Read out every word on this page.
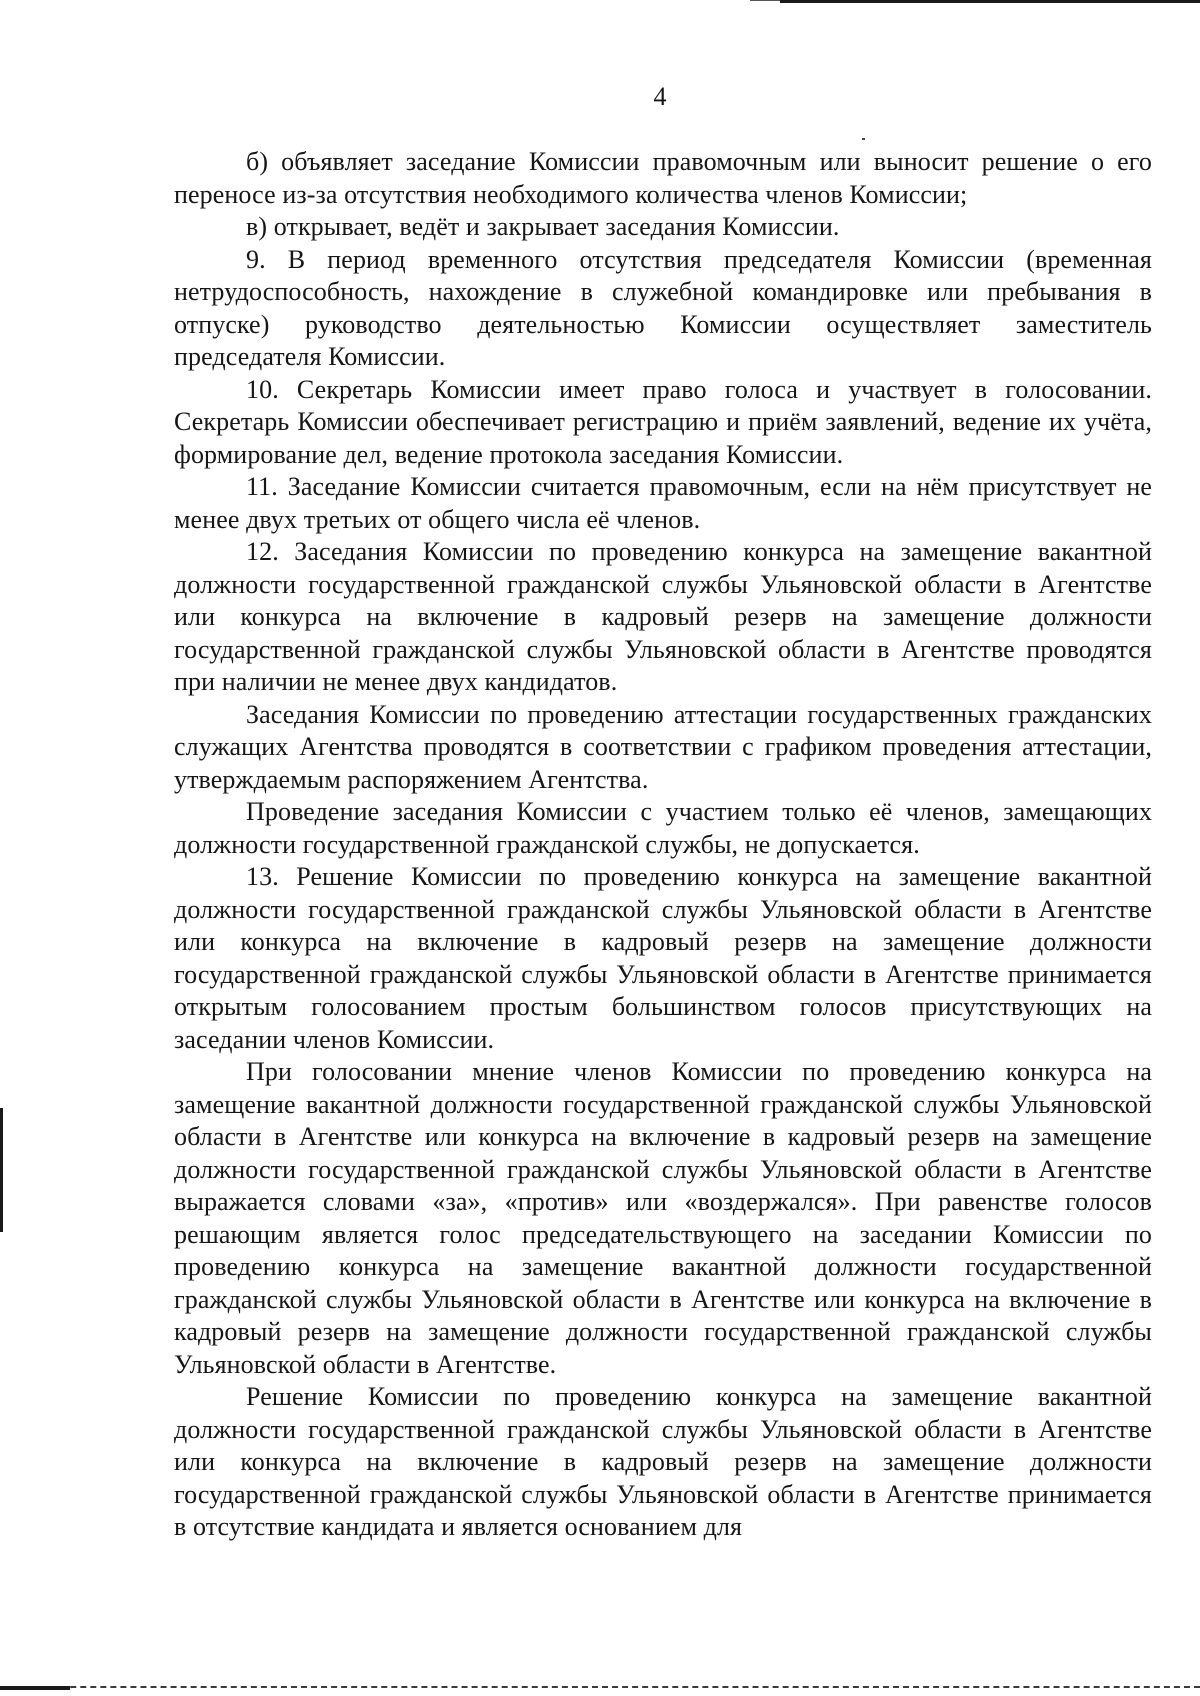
4

б) объявляет заседание Комиссии правомочным или выносит решение о его переносе из-за отсутствия необходимого количества членов Комиссии;

в) открывает, ведёт и закрывает заседания Комиссии.

9. В период временного отсутствия председателя Комиссии (временная нетрудоспособность, нахождение в служебной командировке или пребывания в отпуске) руководство деятельностью Комиссии осуществляет заместитель председателя Комиссии.

10. Секретарь Комиссии имеет право голоса и участвует в голосовании. Секретарь Комиссии обеспечивает регистрацию и приём заявлений, ведение их учёта, формирование дел, ведение протокола заседания Комиссии.

11. Заседание Комиссии считается правомочным, если на нём присутствует не менее двух третьих от общего числа её членов.

12. Заседания Комиссии по проведению конкурса на замещение вакантной должности государственной гражданской службы Ульяновской области в Агентстве или конкурса на включение в кадровый резерв на замещение должности государственной гражданской службы Ульяновской области в Агентстве проводятся при наличии не менее двух кандидатов.

Заседания Комиссии по проведению аттестации государственных гражданских служащих Агентства проводятся в соответствии с графиком проведения аттестации, утверждаемым распоряжением Агентства.

Проведение заседания Комиссии с участием только её членов, замещающих должности государственной гражданской службы, не допускается.

13. Решение Комиссии по проведению конкурса на замещение вакантной должности государственной гражданской службы Ульяновской области в Агентстве или конкурса на включение в кадровый резерв на замещение должности государственной гражданской службы Ульяновской области в Агентстве принимается открытым голосованием простым большинством голосов присутствующих на заседании членов Комиссии.

При голосовании мнение членов Комиссии по проведению конкурса на замещение вакантной должности государственной гражданской службы Ульяновской области в Агентстве или конкурса на включение в кадровый резерв на замещение должности государственной гражданской службы Ульяновской области в Агентстве выражается словами «за», «против» или «воздержался». При равенстве голосов решающим является голос председательствующего на заседании Комиссии по проведению конкурса на замещение вакантной должности государственной гражданской службы Ульяновской области в Агентстве или конкурса на включение в кадровый резерв на замещение должности государственной гражданской службы Ульяновской области в Агентстве.

Решение Комиссии по проведению конкурса на замещение вакантной должности государственной гражданской службы Ульяновской области в Агентстве или конкурса на включение в кадровый резерв на замещение должности государственной гражданской службы Ульяновской области в Агентстве принимается в отсутствие кандидата и является основанием для
